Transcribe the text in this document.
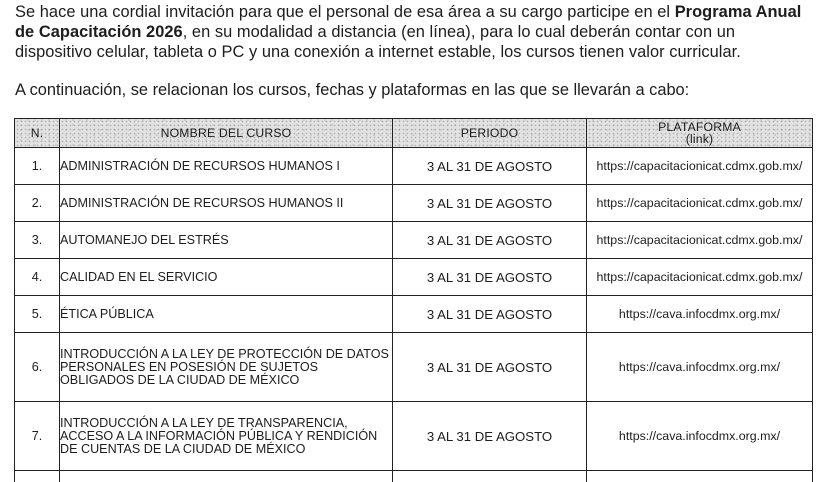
Se hace una cordial invitación para que el personal de esa área a su cargo participe en el Programa Anual de Capacitación 2026, en su modalidad a distancia (en línea), para lo cual deberán contar con un dispositivo celular, tableta o PC y una conexión a internet estable, los cursos tienen valor curricular.

A continuación, se relacionan los cursos, fechas y plataformas en las que se llevarán a cabo:

N.	NOMBRE DEL CURSO	PERIODO	PLATAFORMA
(link)
1.	ADMINISTRACIÓN DE RECURSOS HUMANOS I	3 AL 31 DE AGOSTO	https://capacitacionicat.cdmx.gob.mx/
2.	ADMINISTRACIÓN DE RECURSOS HUMANOS II	3 AL 31 DE AGOSTO	https://capacitacionicat.cdmx.gob.mx/
3.	AUTOMANEJO DEL ESTRÉS	3 AL 31 DE AGOSTO	https://capacitacionicat.cdmx.gob.mx/
4.	CALIDAD EN EL SERVICIO	3 AL 31 DE AGOSTO	https://capacitacionicat.cdmx.gob.mx/
5.	ÉTICA PÚBLICA	3 AL 31 DE AGOSTO	https://cava.infocdmx.org.mx/
6.	INTRODUCCIÓN A LA LEY DE PROTECCIÓN DE DATOS PERSONALES EN POSESIÓN DE SUJETOS OBLIGADOS DE LA CIUDAD DE MÉXICO	3 AL 31 DE AGOSTO	https://cava.infocdmx.org.mx/
7.	INTRODUCCIÓN A LA LEY DE TRANSPARENCIA, ACCESO A LA INFORMACIÓN PÚBLICA Y RENDICIÓN DE CUENTAS DE LA CIUDAD DE MÉXICO	3 AL 31 DE AGOSTO	https://cava.infocdmx.org.mx/
